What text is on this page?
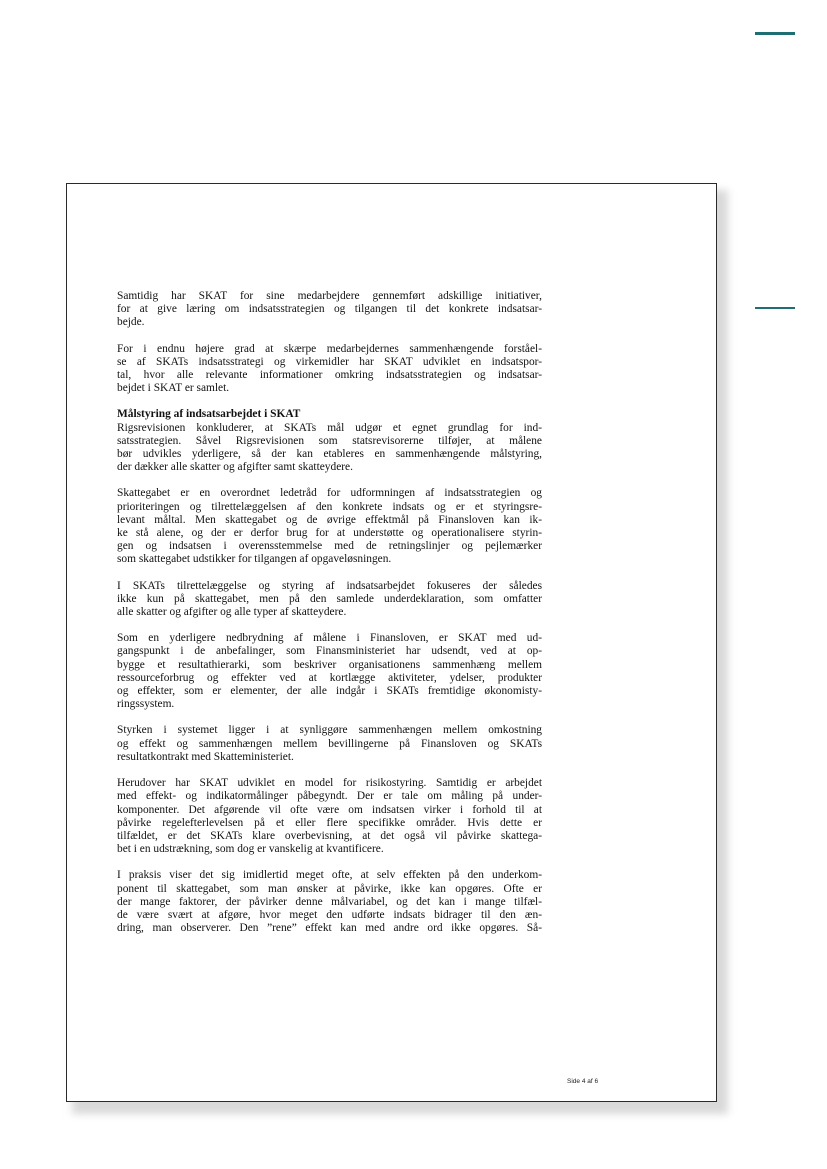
Samtidig har SKAT for sine medarbejdere gennemført adskillige initiativer,
for at give læring om indsatsstrategien og tilgangen til det konkrete indsatsar-
bejde.
For i endnu højere grad at skærpe medarbejdernes sammenhængende forståel-
se af SKATs indsatsstrategi og virkemidler har SKAT udviklet en indsatspor-
tal, hvor alle relevante informationer omkring indsatsstrategien og indsatsar-
bejdet i SKAT er samlet.
Målstyring af indsatsarbejdet i SKAT
Rigsrevisionen konkluderer, at SKATs mål udgør et egnet grundlag for ind-
satsstrategien. Såvel Rigsrevisionen som statsrevisorerne tilføjer, at målene
bør udvikles yderligere, så der kan etableres en sammenhængende målstyring,
der dækker alle skatter og afgifter samt skatteydere.
Skattegabet er en overordnet ledetråd for udformningen af indsatsstrategien og
prioriteringen og tilrettelæggelsen af den konkrete indsats og er et styringsre-
levant måltal. Men skattegabet og de øvrige effektmål på Finansloven kan ik-
ke stå alene, og der er derfor brug for at understøtte og operationalisere styrin-
gen og indsatsen i overensstemmelse med de retningslinjer og pejlemærker
som skattegabet udstikker for tilgangen af opgaveløsningen.
I SKATs tilrettelæggelse og styring af indsatsarbejdet fokuseres der således
ikke kun på skattegabet, men på den samlede underdeklaration, som omfatter
alle skatter og afgifter og alle typer af skatteydere.
Som en yderligere nedbrydning af målene i Finansloven, er SKAT med ud-
gangspunkt i de anbefalinger, som Finansministeriet har udsendt, ved at op-
bygge et resultathierarki, som beskriver organisationens sammenhæng mellem
ressourceforbrug og effekter ved at kortlægge aktiviteter, ydelser, produkter
og effekter, som er elementer, der alle indgår i SKATs fremtidige økonomisty-
ringssystem.
Styrken i systemet ligger i at synliggøre sammenhængen mellem omkostning
og effekt og sammenhængen mellem bevillingerne på Finansloven og SKATs
resultatkontrakt med Skatteministeriet.
Herudover har SKAT udviklet en model for risikostyring. Samtidig er arbejdet
med effekt- og indikatormålinger påbegyndt. Der er tale om måling på under-
komponenter. Det afgørende vil ofte være om indsatsen virker i forhold til at
påvirke regelefterlevelsen på et eller flere specifikke områder. Hvis dette er
tilfældet, er det SKATs klare overbevisning, at det også vil påvirke skattega-
bet i en udstrækning, som dog er vanskelig at kvantificere.
I praksis viser det sig imidlertid meget ofte, at selv effekten på den underkom-
ponent til skattegabet, som man ønsker at påvirke, ikke kan opgøres. Ofte er
der mange faktorer, der påvirker denne målvariabel, og det kan i mange tilfæl-
de være svært at afgøre, hvor meget den udførte indsats bidrager til den æn-
dring, man observerer. Den ”rene” effekt kan med andre ord ikke opgøres. Så-
Side 4 af 6
